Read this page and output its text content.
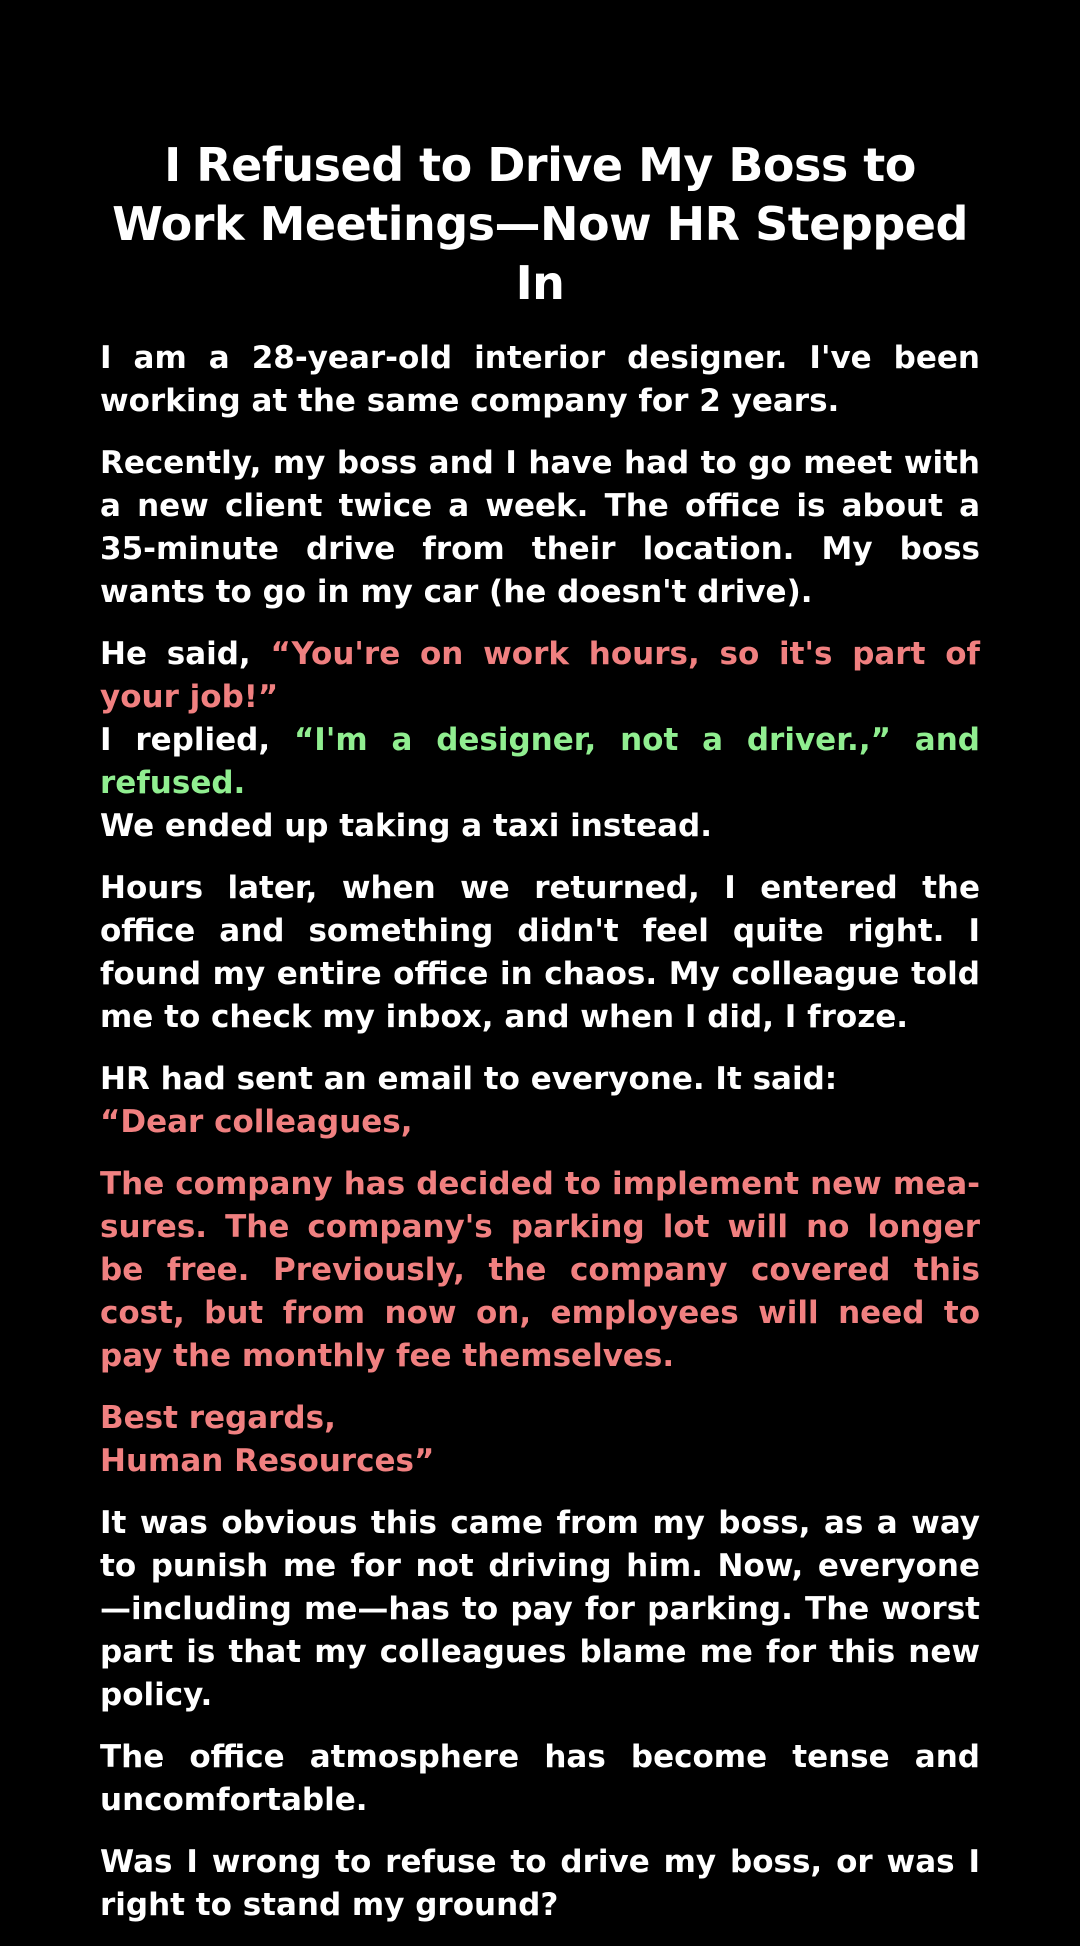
I Refused to Drive My Boss to Work Meetings—Now HR Stepped In

I am a 28-year-old interior designer. I've been working at the same company for 2 years.

Recently, my boss and I have had to go meet with a new client twice a week. The office is about a 35-minute drive from their location. My boss wants to go in my car (he doesn't drive).

He said, “You're on work hours, so it's part of your job!”

I replied, “I'm a designer, not a driver.,” and refused.
We ended up taking a taxi instead.

Hours later, when we returned, I entered the office and something didn't feel quite right. I found my entire office in chaos. My colleague told me to check my inbox, and when I did, I froze.

HR had sent an email to everyone. It said:
“Dear colleagues,

The company has decided to implement new measures. The company's parking lot will no longer be free. Previously, the company covered this cost, but from now on, employees will need to pay the monthly fee themselves.

Best regards,
Human Resources”

It was obvious this came from my boss, as a way to punish me for not driving him. Now, everyone—including me—has to pay for parking. The worst part is that my colleagues blame me for this new policy.

The office atmosphere has become tense and uncomfortable.

Was I wrong to refuse to drive my boss, or was I right to stand my ground?
